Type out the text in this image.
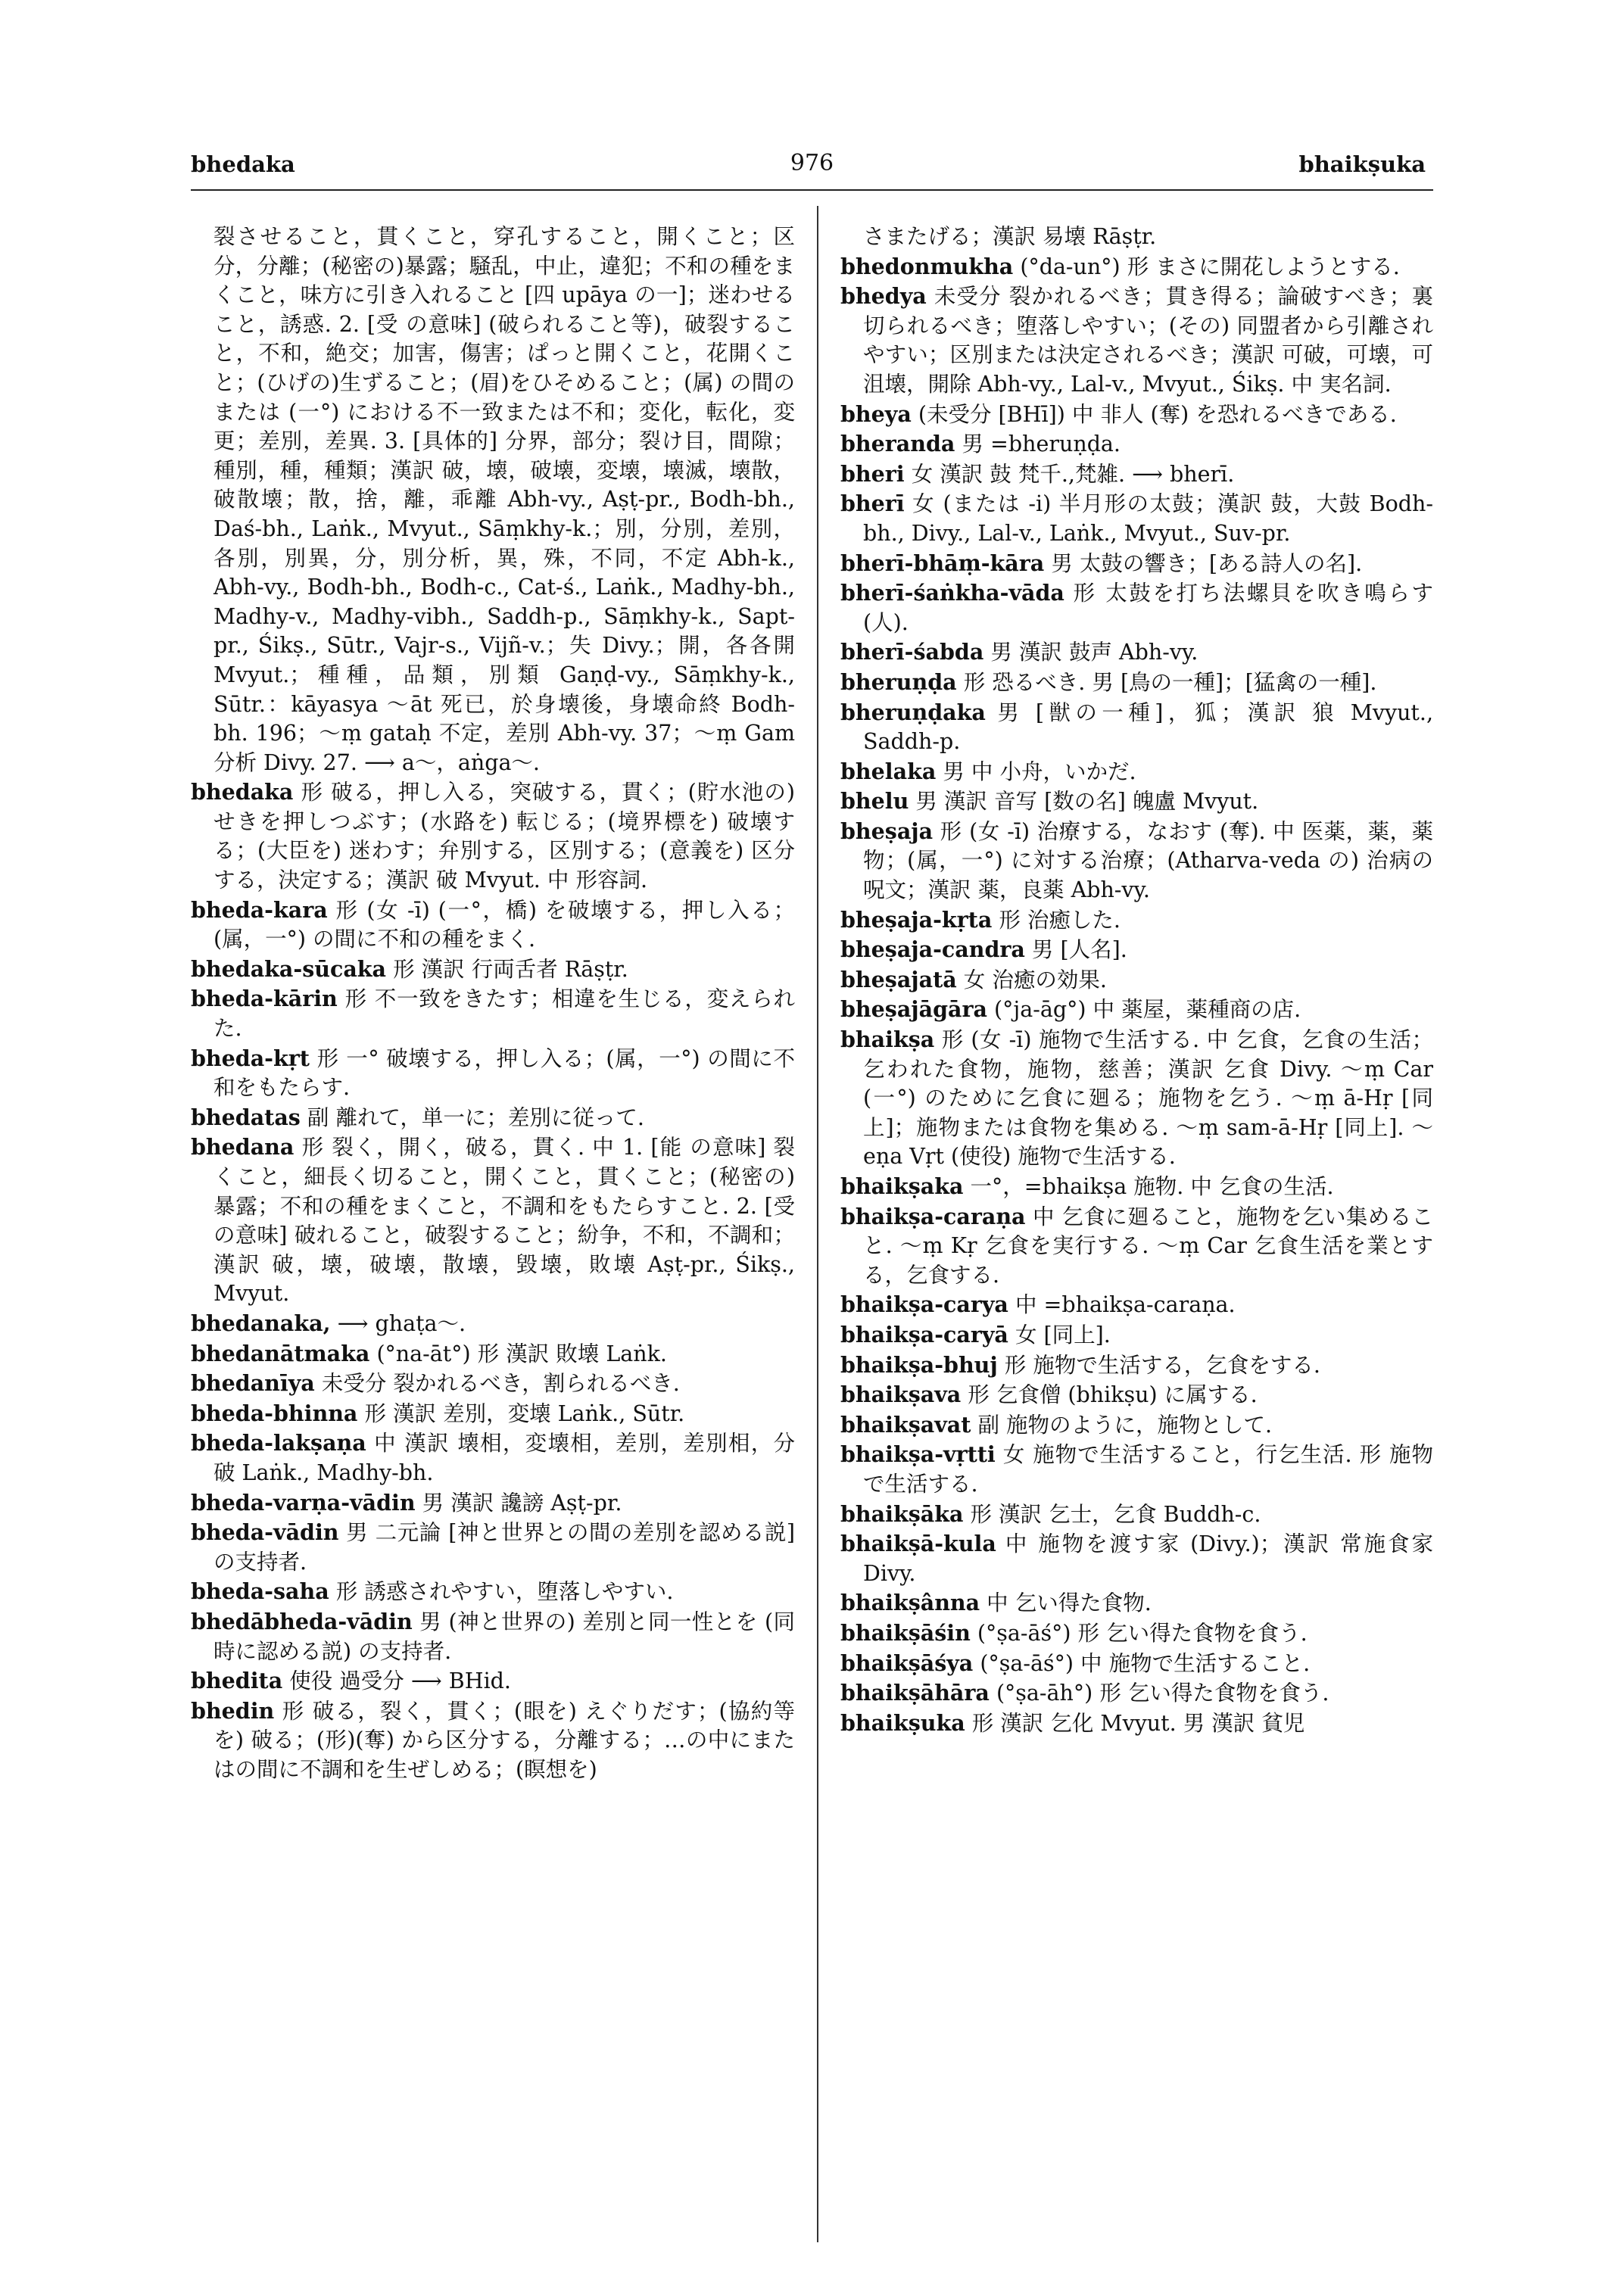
bhedaka	976	bhaikṣuka

裂させること，貫くこと，穿孔すること，開くこと；区分，分離；(秘密の)暴露；騒乱，中止，違犯；不和の種をまくこと，味方に引き入れること [四 upāya の一]；迷わせること，誘惑. 2. [受 の意味] (破られること等)，破裂すること，不和，絶交；加害，傷害；ぱっと開くこと，花開くこと；(ひげの)生ずること；(眉)をひそめること；(属) の間のまたは (一°) における不一致または不和；変化，転化，変更；差別，差異. 3. [具体的] 分界，部分；裂け目，間隙；種別，種，種類；漢訳 破，壊，破壊，変壊，壊滅，壊散，破散壊；散，捨，離，乖離 Abh-vy., Aṣṭ-pr., Bodh-bh., Daś-bh., Laṅk., Mvyut., Sāṃkhy-k.；別，分別，差別，各別，別異，分，別分析，異，殊，不同，不定 Abh-k., Abh-vy., Bodh-bh., Bodh-c., Cat-ś., Laṅk., Madhy-bh., Madhy-v., Madhy-vibh., Saddh-p., Sāṃkhy-k., Sapt-pr., Śikṣ., Sūtr., Vajr-s., Vijñ-v.；失 Divy.；開，各各開 Mvyut.；種種，品類，別類 Gaṇḍ-vy., Sāṃkhy-k., Sūtr.：kāyasya ～āt 死已，於身壊後，身壊命終 Bodh-bh. 196；～ṃ gataḥ 不定，差別 Abh-vy. 37；～ṃ Gam 分析 Divy. 27. ⟶ a～，aṅga～.

bhedaka 形 破る，押し入る，突破する，貫く；(貯水池の) せきを押しつぶす；(水路を) 転じる；(境界標を) 破壊する；(大臣を) 迷わす；弁別する，区別する；(意義を) 区分する，決定する；漢訳 破 Mvyut. 中 形容詞.

bheda-kara 形 (女 -ī) (一°，橋) を破壊する，押し入る；(属，一°) の間に不和の種をまく.

bhedaka-sūcaka 形 漢訳 行両舌者 Rāṣṭr.

bheda-kārin 形 不一致をきたす；相違を生じる，変えられた.

bheda-kṛt 形 一° 破壊する，押し入る；(属，一°) の間に不和をもたらす.

bhedatas 副 離れて，単一に；差別に従って.

bhedana 形 裂く，開く，破る，貫く. 中 1. [能 の意味] 裂くこと，細長く切ること，開くこと，貫くこと；(秘密の) 暴露；不和の種をまくこと，不調和をもたらすこと. 2. [受 の意味] 破れること，破裂すること；紛争，不和，不調和；漢訳 破，壊，破壊，散壊，毀壊，敗壊 Aṣṭ-pr., Śikṣ., Mvyut.

bhedanaka, ⟶ ghaṭa～.

bhedanātmaka (°na-āt°) 形 漢訳 敗壊 Laṅk.

bhedanīya 未受分 裂かれるべき，割られるべき.

bheda-bhinna 形 漢訳 差別，変壊 Laṅk., Sūtr.

bheda-lakṣaṇa 中 漢訳 壊相，変壊相，差別，差別相，分破 Laṅk., Madhy-bh.

bheda-varṇa-vādin 男 漢訳 讒謗 Aṣṭ-pr.

bheda-vādin 男 二元論 [神と世界との間の差別を認める説] の支持者.

bheda-saha 形 誘惑されやすい，堕落しやすい.

bhedābheda-vādin 男 (神と世界の) 差別と同一性とを (同時に認める説) の支持者.

bhedita 使役 過受分 ⟶ BHid.

bhedin 形 破る，裂く，貫く；(眼を) えぐりだす；(協約等を) 破る；(形)(奪) から区分する，分離する；…の中にまたはの間に不調和を生ぜしめる；(瞑想を)

さまたげる；漢訳 易壊 Rāṣṭr.

bhedonmukha (°da-un°) 形 まさに開花しようとする.

bhedya 未受分 裂かれるべき；貫き得る；論破すべき；裏切られるべき；堕落しやすい；(その) 同盟者から引離されやすい；区別または決定されるべき；漢訳 可破，可壊，可沮壊，開除 Abh-vy., Lal-v., Mvyut., Śikṣ. 中 実名詞.

bheya (未受分 [BHī]) 中 非人 (奪) を恐れるべきである.

bheranda 男 =bheruṇḍa.

bheri 女 漢訳 鼓 梵千.,梵雑. ⟶ bherī.

bherī 女 (または -i) 半月形の太鼓；漢訳 鼓，大鼓 Bodh-bh., Divy., Lal-v., Laṅk., Mvyut., Suv-pr.

bherī-bhāṃ-kāra 男 太鼓の響き；[ある詩人の名].

bherī-śaṅkha-vāda 形 太鼓を打ち法螺貝を吹き鳴らす (人).

bherī-śabda 男 漢訳 鼓声 Abh-vy.

bheruṇḍa 形 恐るべき. 男 [鳥の一種]；[猛禽の一種].

bheruṇḍaka 男 [獣の一種]，狐；漢訳 狼 Mvyut., Saddh-p.

bhelaka 男 中 小舟，いかだ.

bhelu 男 漢訳 音写 [数の名] 魄盧 Mvyut.

bheṣaja 形 (女 -ī) 治療する，なおす (奪). 中 医薬，薬，薬物；(属，一°) に対する治療；(Atharva-veda の) 治病の呪文；漢訳 薬，良薬 Abh-vy.

bheṣaja-kṛta 形 治癒した.

bheṣaja-candra 男 [人名].

bheṣajatā 女 治癒の効果.

bheṣajāgāra (°ja-āg°) 中 薬屋，薬種商の店.

bhaikṣa 形 (女 -ī) 施物で生活する. 中 乞食，乞食の生活；乞われた食物，施物，慈善；漢訳 乞食 Divy. ～ṃ Car (一°) のために乞食に廻る；施物を乞う. ～ṃ ā-Hṛ [同上]；施物または食物を集める. ～ṃ sam-ā-Hṛ [同上]. ～eṇa Vṛt (使役) 施物で生活する.

bhaikṣaka 一°，=bhaikṣa 施物. 中 乞食の生活.

bhaikṣa-caraṇa 中 乞食に廻ること，施物を乞い集めること. ～ṃ Kṛ 乞食を実行する. ～ṃ Car 乞食生活を業とする，乞食する.

bhaikṣa-carya 中 =bhaikṣa-caraṇa.

bhaikṣa-caryā 女 [同上].

bhaikṣa-bhuj 形 施物で生活する，乞食をする.

bhaikṣava 形 乞食僧 (bhikṣu) に属する.

bhaikṣavat 副 施物のように，施物として.

bhaikṣa-vṛtti 女 施物で生活すること，行乞生活. 形 施物で生活する.

bhaikṣāka 形 漢訳 乞士，乞食 Buddh-c.

bhaikṣā-kula 中 施物を渡す家 (Divy.)；漢訳 常施食家 Divy.

bhaikṣânna 中 乞い得た食物.

bhaikṣāśin (°ṣa-āś°) 形 乞い得た食物を食う.

bhaikṣāśya (°ṣa-āś°) 中 施物で生活すること.

bhaikṣāhāra (°ṣa-āh°) 形 乞い得た食物を食う.

bhaikṣuka 形 漢訳 乞化 Mvyut. 男 漢訳 貧児
